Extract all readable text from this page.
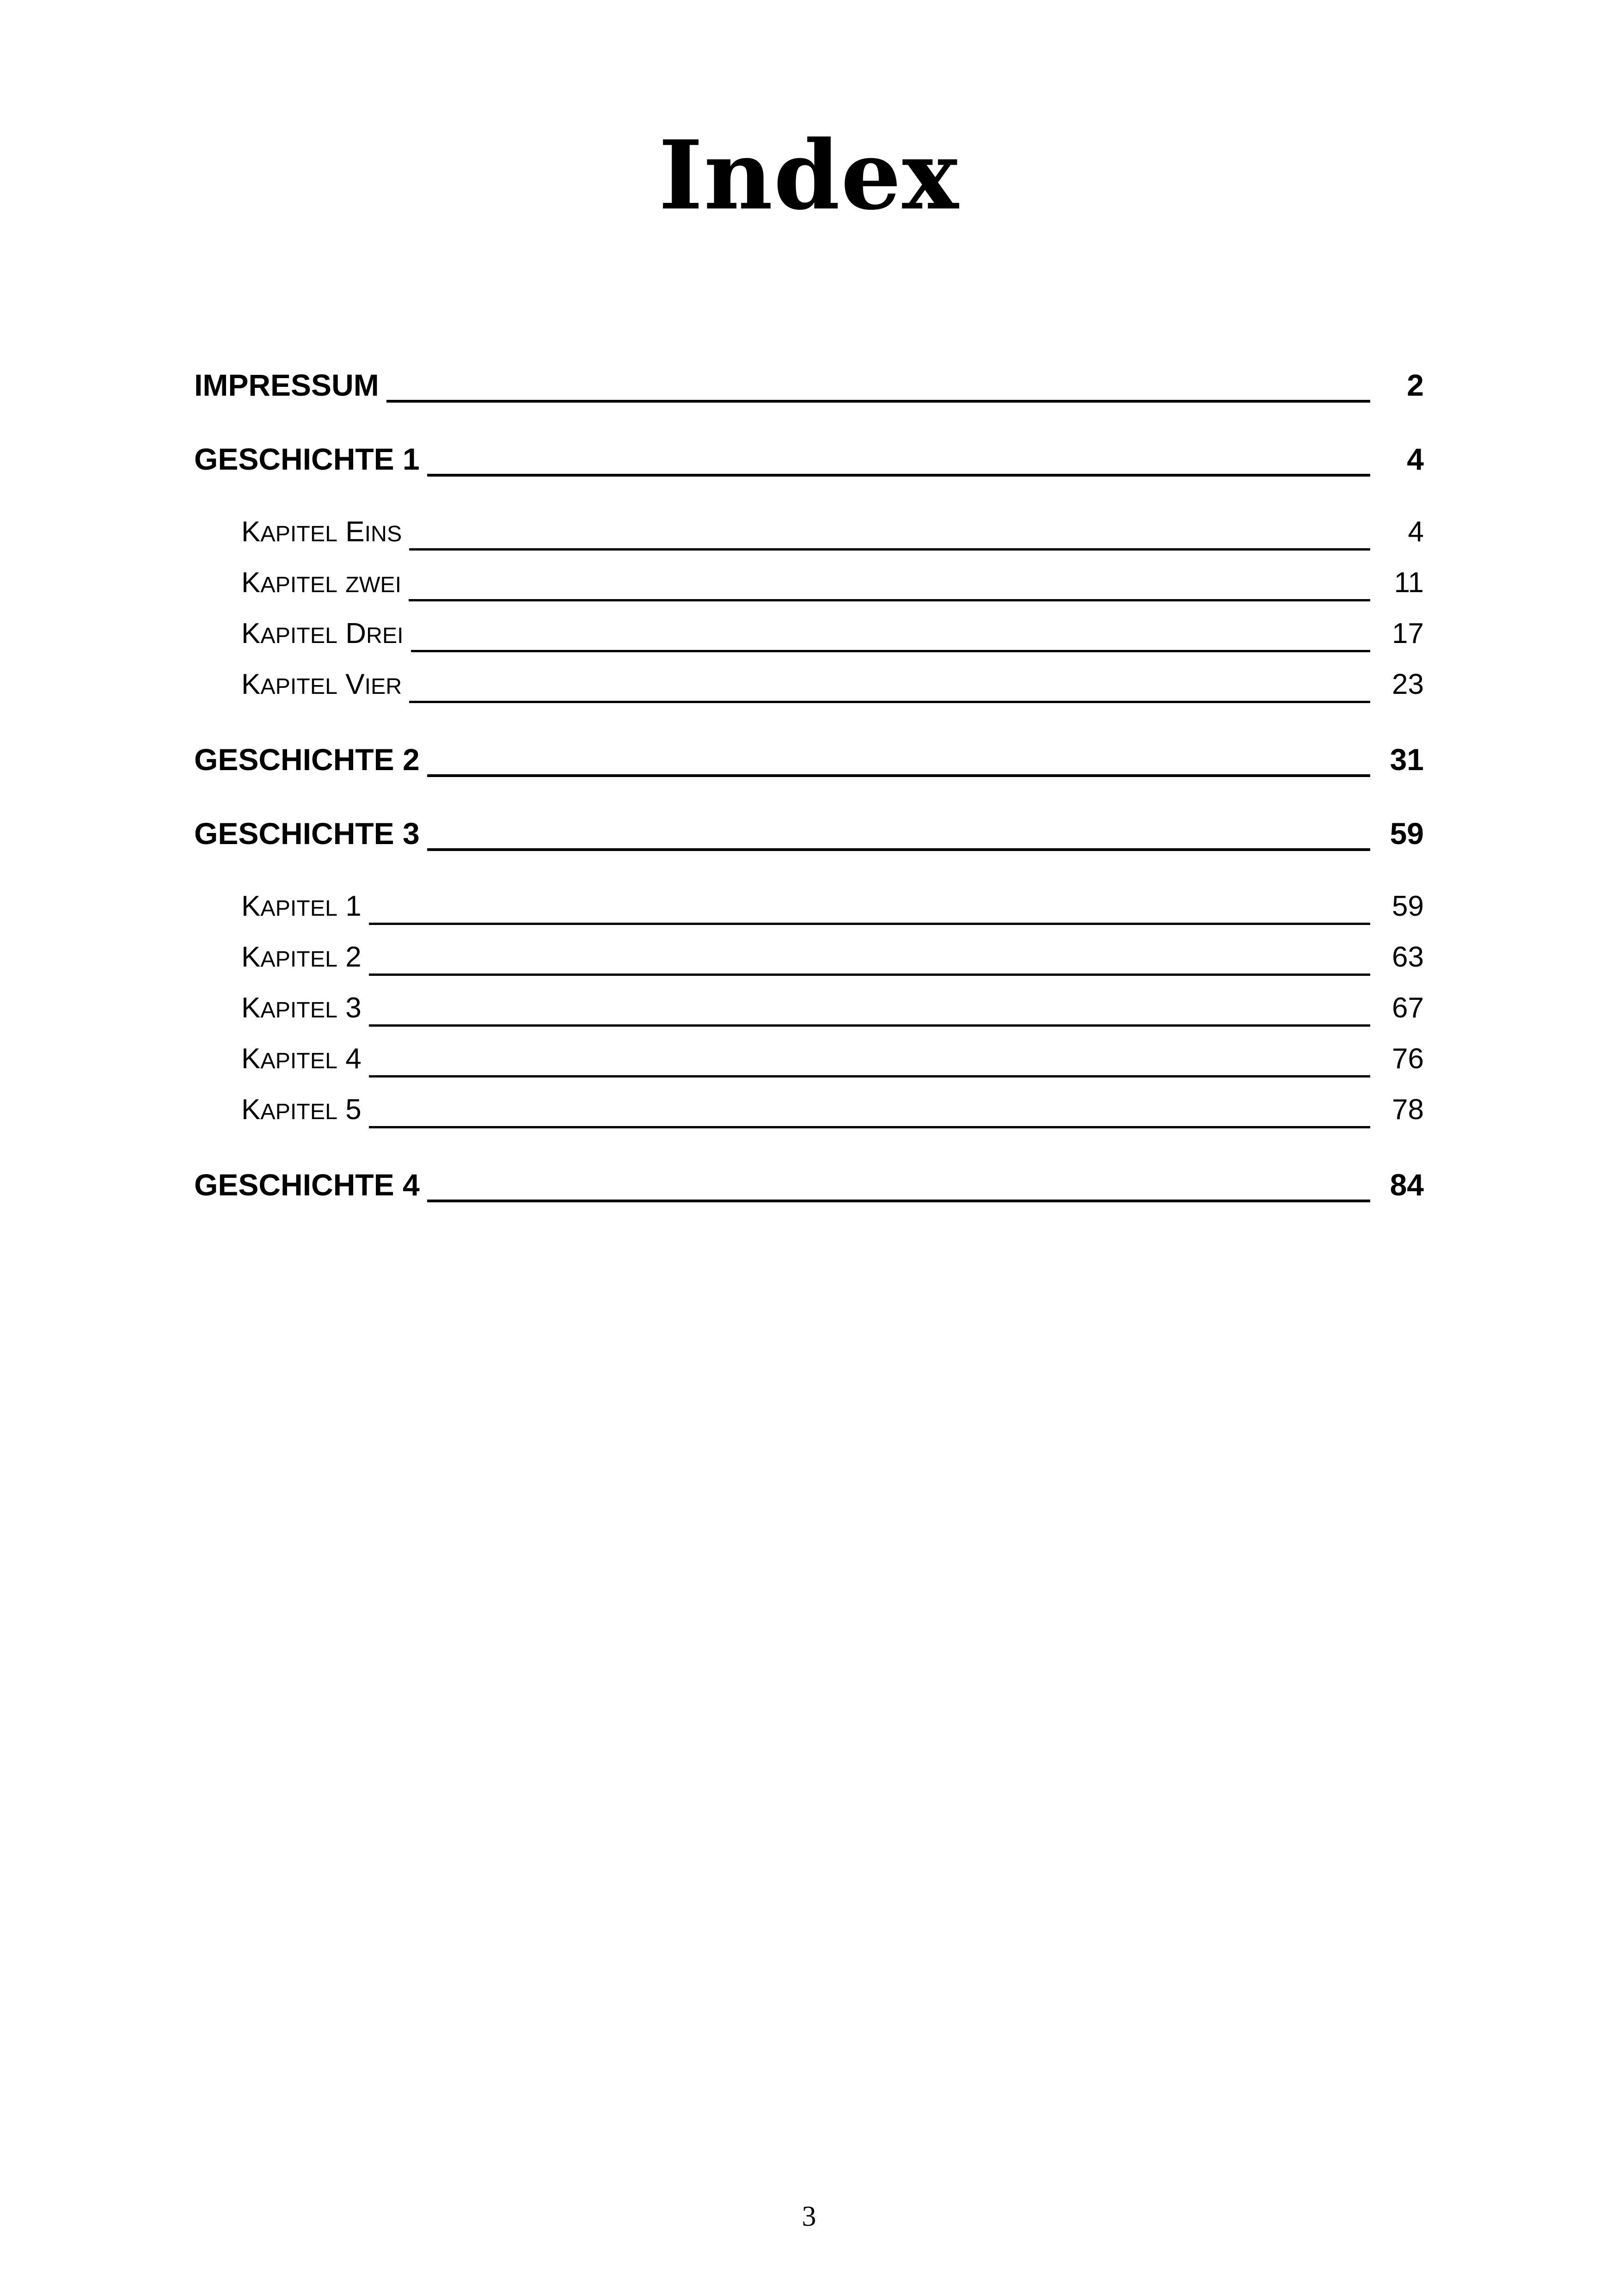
Index
IMPRESSUM	2
GESCHICHTE 1	4
KAPITEL EINS	4
KAPITEL ZWEI	11
KAPITEL DREI	17
KAPITEL VIER	23
GESCHICHTE 2	31
GESCHICHTE 3	59
KAPITEL 1	59
KAPITEL 2	63
KAPITEL 3	67
KAPITEL 4	76
KAPITEL 5	78
GESCHICHTE 4	84
3
